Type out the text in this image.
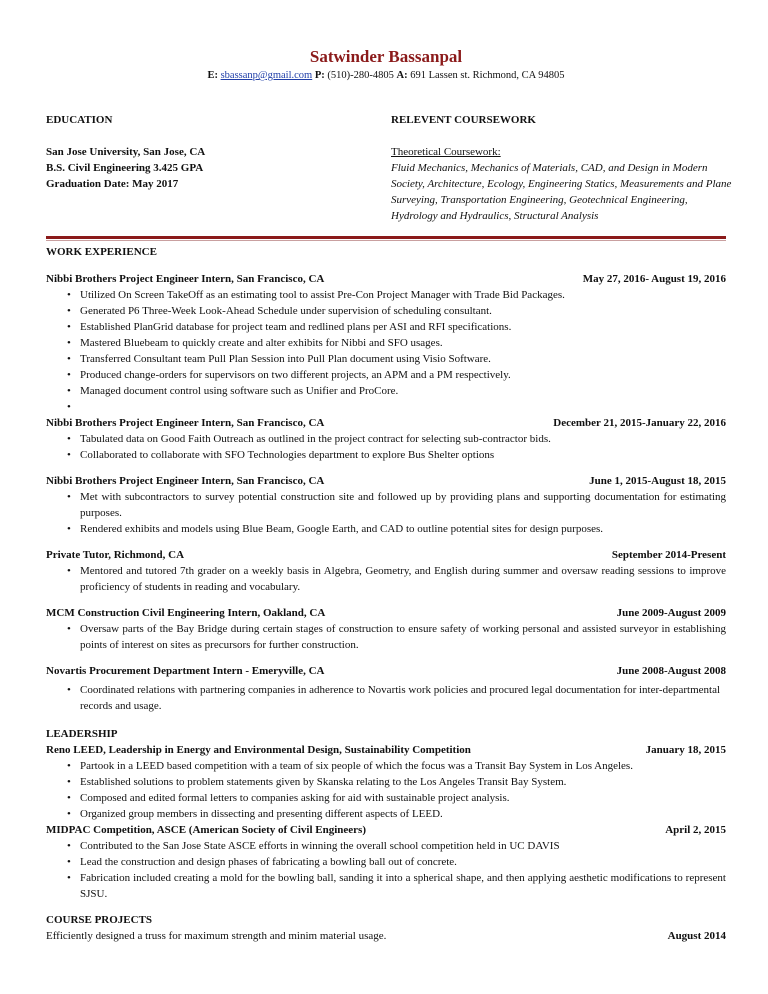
Satwinder Bassanpal
E: sbassanp@gmail.com P: (510)-280-4805 A: 691 Lassen st. Richmond, CA 94805
EDUCATION
San Jose University, San Jose, CA
B.S. Civil Engineering 3.425 GPA
Graduation Date: May 2017
RELEVENT COURSEWORK
Theoretical Coursework:
Fluid Mechanics, Mechanics of Materials, CAD, and Design in Modern Society, Architecture, Ecology, Engineering Statics, Measurements and Plane Surveying, Transportation Engineering, Geotechnical Engineering, Hydrology and Hydraulics, Structural Analysis
WORK EXPERIENCE
Nibbi Brothers Project Engineer Intern, San Francisco, CA	May 27, 2016- August 19, 2016
• Utilized On Screen TakeOff as an estimating tool to assist Pre-Con Project Manager with Trade Bid Packages.
• Generated P6 Three-Week Look-Ahead Schedule under supervision of scheduling consultant.
• Established PlanGrid database for project team and redlined plans per ASI and RFI specifications.
• Mastered Bluebeam to quickly create and alter exhibits for Nibbi and SFO usages.
• Transferred Consultant team Pull Plan Session into Pull Plan document using Visio Software.
• Produced change-orders for supervisors on two different projects, an APM and a PM respectively.
• Managed document control using software such as Unifier and ProCore.
•
Nibbi Brothers Project Engineer Intern, San Francisco, CA	December 21, 2015-January 22, 2016
• Tabulated data on Good Faith Outreach as outlined in the project contract for selecting sub-contractor bids.
• Collaborated to collaborate with SFO Technologies department to explore Bus Shelter options
Nibbi Brothers Project Engineer Intern, San Francisco, CA	June 1, 2015-August 18, 2015
• Met with subcontractors to survey potential construction site and followed up by providing plans and supporting documentation for estimating purposes.
• Rendered exhibits and models using Blue Beam, Google Earth, and CAD to outline potential sites for design purposes.
Private Tutor, Richmond, CA	September 2014-Present
• Mentored and tutored 7th grader on a weekly basis in Algebra, Geometry, and English during summer and oversaw reading sessions to improve proficiency of students in reading and vocabulary.
MCM Construction Civil Engineering Intern, Oakland, CA	June 2009-August 2009
• Oversaw parts of the Bay Bridge during certain stages of construction to ensure safety of working personal and assisted surveyor in establishing points of interest on sites as precursors for further construction.
Novartis Procurement Department Intern - Emeryville, CA	June 2008-August 2008
• Coordinated relations with partnering companies in adherence to Novartis work policies and procured legal documentation for inter-departmental records and usage.
LEADERSHIP
Reno LEED, Leadership in Energy and Environmental Design, Sustainability Competition	January 18, 2015
• Partook in a LEED based competition with a team of six people of which the focus was a Transit Bay System in Los Angeles.
• Established solutions to problem statements given by Skanska relating to the Los Angeles Transit Bay System.
• Composed and edited formal letters to companies asking for aid with sustainable project analysis.
• Organized group members in dissecting and presenting different aspects of LEED.
MIDPAC Competition, ASCE (American Society of Civil Engineers)	April 2, 2015
• Contributed to the San Jose State ASCE efforts in winning the overall school competition held in UC DAVIS
• Lead the construction and design phases of fabricating a bowling ball out of concrete.
• Fabrication included creating a mold for the bowling ball, sanding it into a spherical shape, and then applying aesthetic modifications to represent SJSU.
COURSE PROJECTS
Efficiently designed a truss for maximum strength and minim material usage.	August 2014
